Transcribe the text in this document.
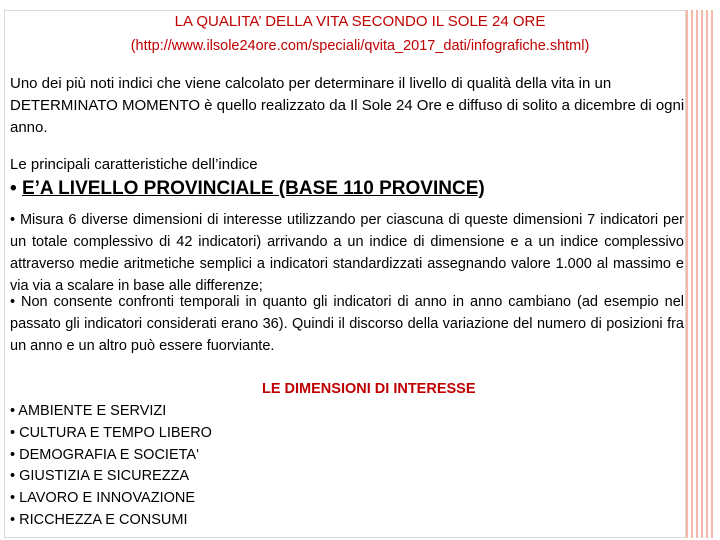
LA QUALITA’ DELLA VITA SECONDO IL SOLE 24 ORE
(http://www.ilsole24ore.com/speciali/qvita_2017_dati/infografiche.shtml)
Uno dei più noti indici che viene calcolato per determinare il livello di qualità della vita in un DETERMINATO MOMENTO è quello realizzato da Il Sole 24 Ore e diffuso di solito a dicembre di ogni anno.
Le principali caratteristiche dell’indice
• E’A LIVELLO PROVINCIALE (BASE 110 PROVINCE)
• Misura 6 diverse dimensioni di interesse utilizzando per ciascuna di queste dimensioni 7 indicatori per un totale complessivo di 42 indicatori) arrivando a un indice di dimensione e a un indice complessivo attraverso medie aritmetiche semplici a indicatori standardizzati assegnando valore 1.000 al massimo e via via a scalare in base alle differenze;
• Non consente confronti temporali in quanto gli indicatori di anno in anno cambiano (ad esempio nel passato gli indicatori considerati erano 36). Quindi il discorso della variazione del numero di posizioni fra un anno e un altro può essere fuorviante.
LE DIMENSIONI DI INTERESSE
• AMBIENTE E SERVIZI
• CULTURA E TEMPO LIBERO
• DEMOGRAFIA E SOCIETA'
• GIUSTIZIA E SICUREZZA
• LAVORO E INNOVAZIONE
• RICCHEZZA E CONSUMI
